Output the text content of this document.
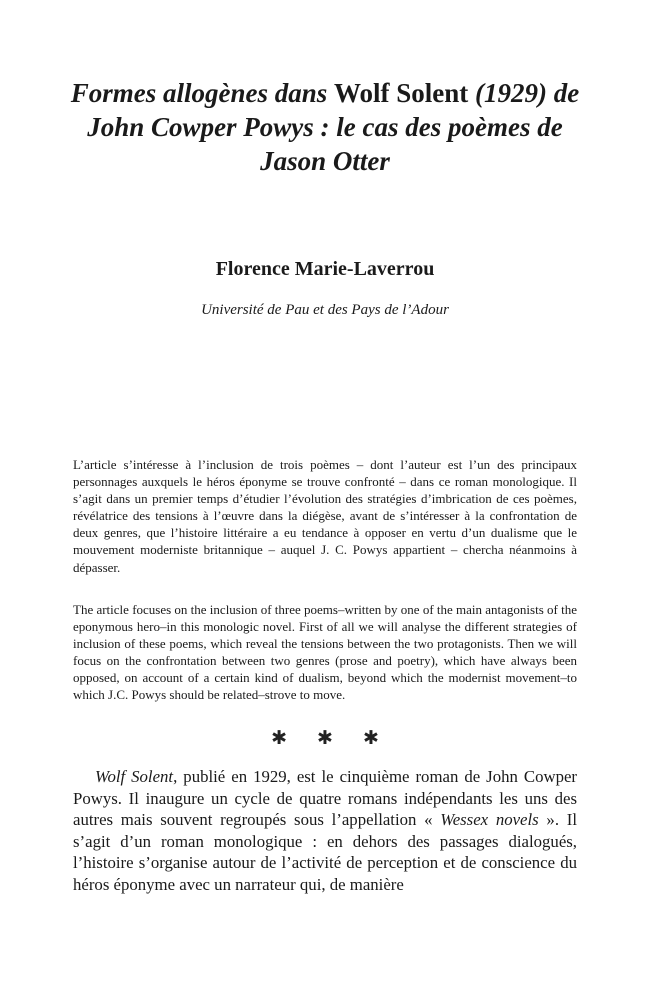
Formes allogènes dans Wolf Solent (1929) de John Cowper Powys : le cas des poèmes de Jason Otter

Florence Marie-Laverrou

Université de Pau et des Pays de l’Adour

L’article s’intéresse à l’inclusion de trois poèmes – dont l’auteur est l’un des principaux personnages auxquels le héros éponyme se trouve confronté – dans ce roman monologique. Il s’agit dans un premier temps d’étudier l’évolution des stratégies d’imbrication de ces poèmes, révélatrice des tensions à l’œuvre dans la diégèse, avant de s’intéresser à la confrontation de deux genres, que l’histoire littéraire a eu tendance à opposer en vertu d’un dualisme que le mouvement moderniste britannique – auquel J. C. Powys appartient – chercha néanmoins à dépasser.

The article focuses on the inclusion of three poems–written by one of the main antagonists of the eponymous hero–in this monologic novel. First of all we will analyse the different strategies of inclusion of these poems, which reveal the tensions between the two protagonists. Then we will focus on the confrontation between two genres (prose and poetry), which have always been opposed, on account of a certain kind of dualism, beyond which the modernist movement–to which J.C. Powys should be related–strove to move.

✱ ✱ ✱

Wolf Solent, publié en 1929, est le cinquième roman de John Cowper Powys. Il inaugure un cycle de quatre romans indépendants les uns des autres mais souvent regroupés sous l’appellation « Wessex novels ». Il s’agit d’un roman monologique : en dehors des passages dialogués, l’histoire s’organise autour de l’activité de perception et de conscience du héros éponyme avec un narrateur qui, de manière
